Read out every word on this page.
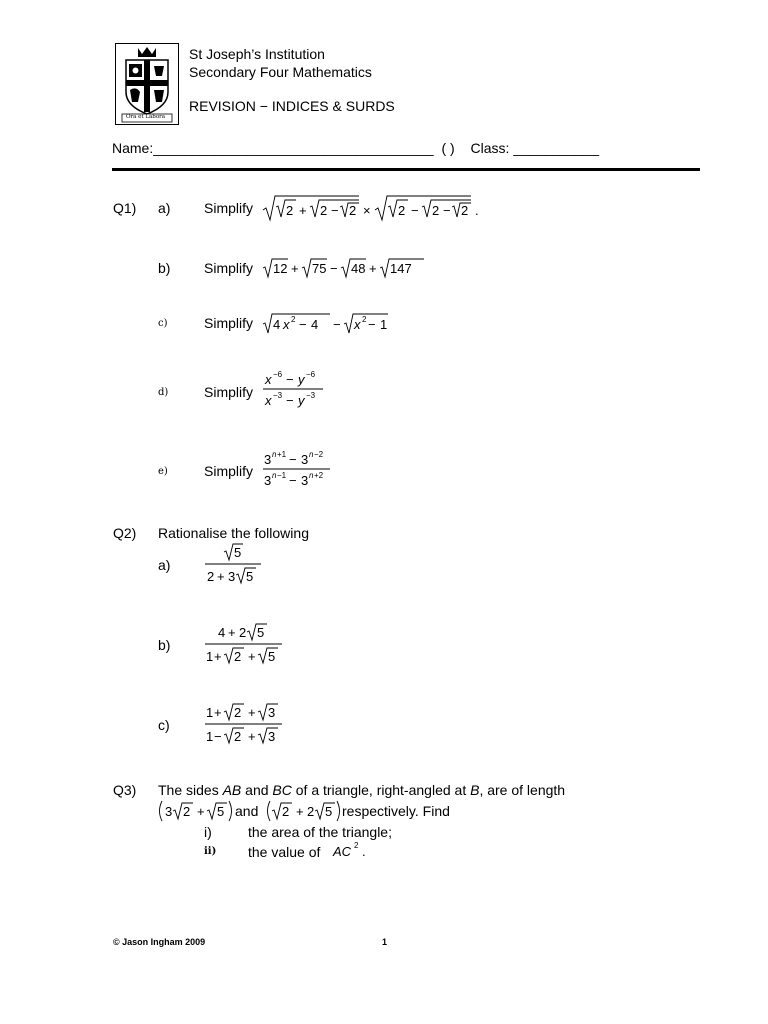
Ora et Labora
St Joseph’s Institution
Secondary Four Mathematics
REVISION − INDICES & SURDS
Name:____________________________________ ( ) Class: ___________
Q1) a) Simplify	2 + 2 − 2 × 2 − 2 − 2 .
b) Simplify 12 + 75 − 48 + 147
c)	Simplify 4 x 2 − 4 − x 2 − 1
d)	Simplify
x −6 − y −6
x −3 − y −3
e)	Simplify
3 n +1 − 3 n −2
3 n −1 − 3 n +2
Q2) Rationalise the following
a)
5
2 + 3 5
b)
4 + 2 5
1 + 2 + 5
c)
1 + 2 + 3
1 − 2 + 3
Q3) The sides AB and BC of a triangle, right-angled at B, are of length
3 2 + 5 and 2 + 2 5 respectively. Find
i)	the area of the triangle;
ii) the value of AC 2 .
© Jason Ingham 2009	1
